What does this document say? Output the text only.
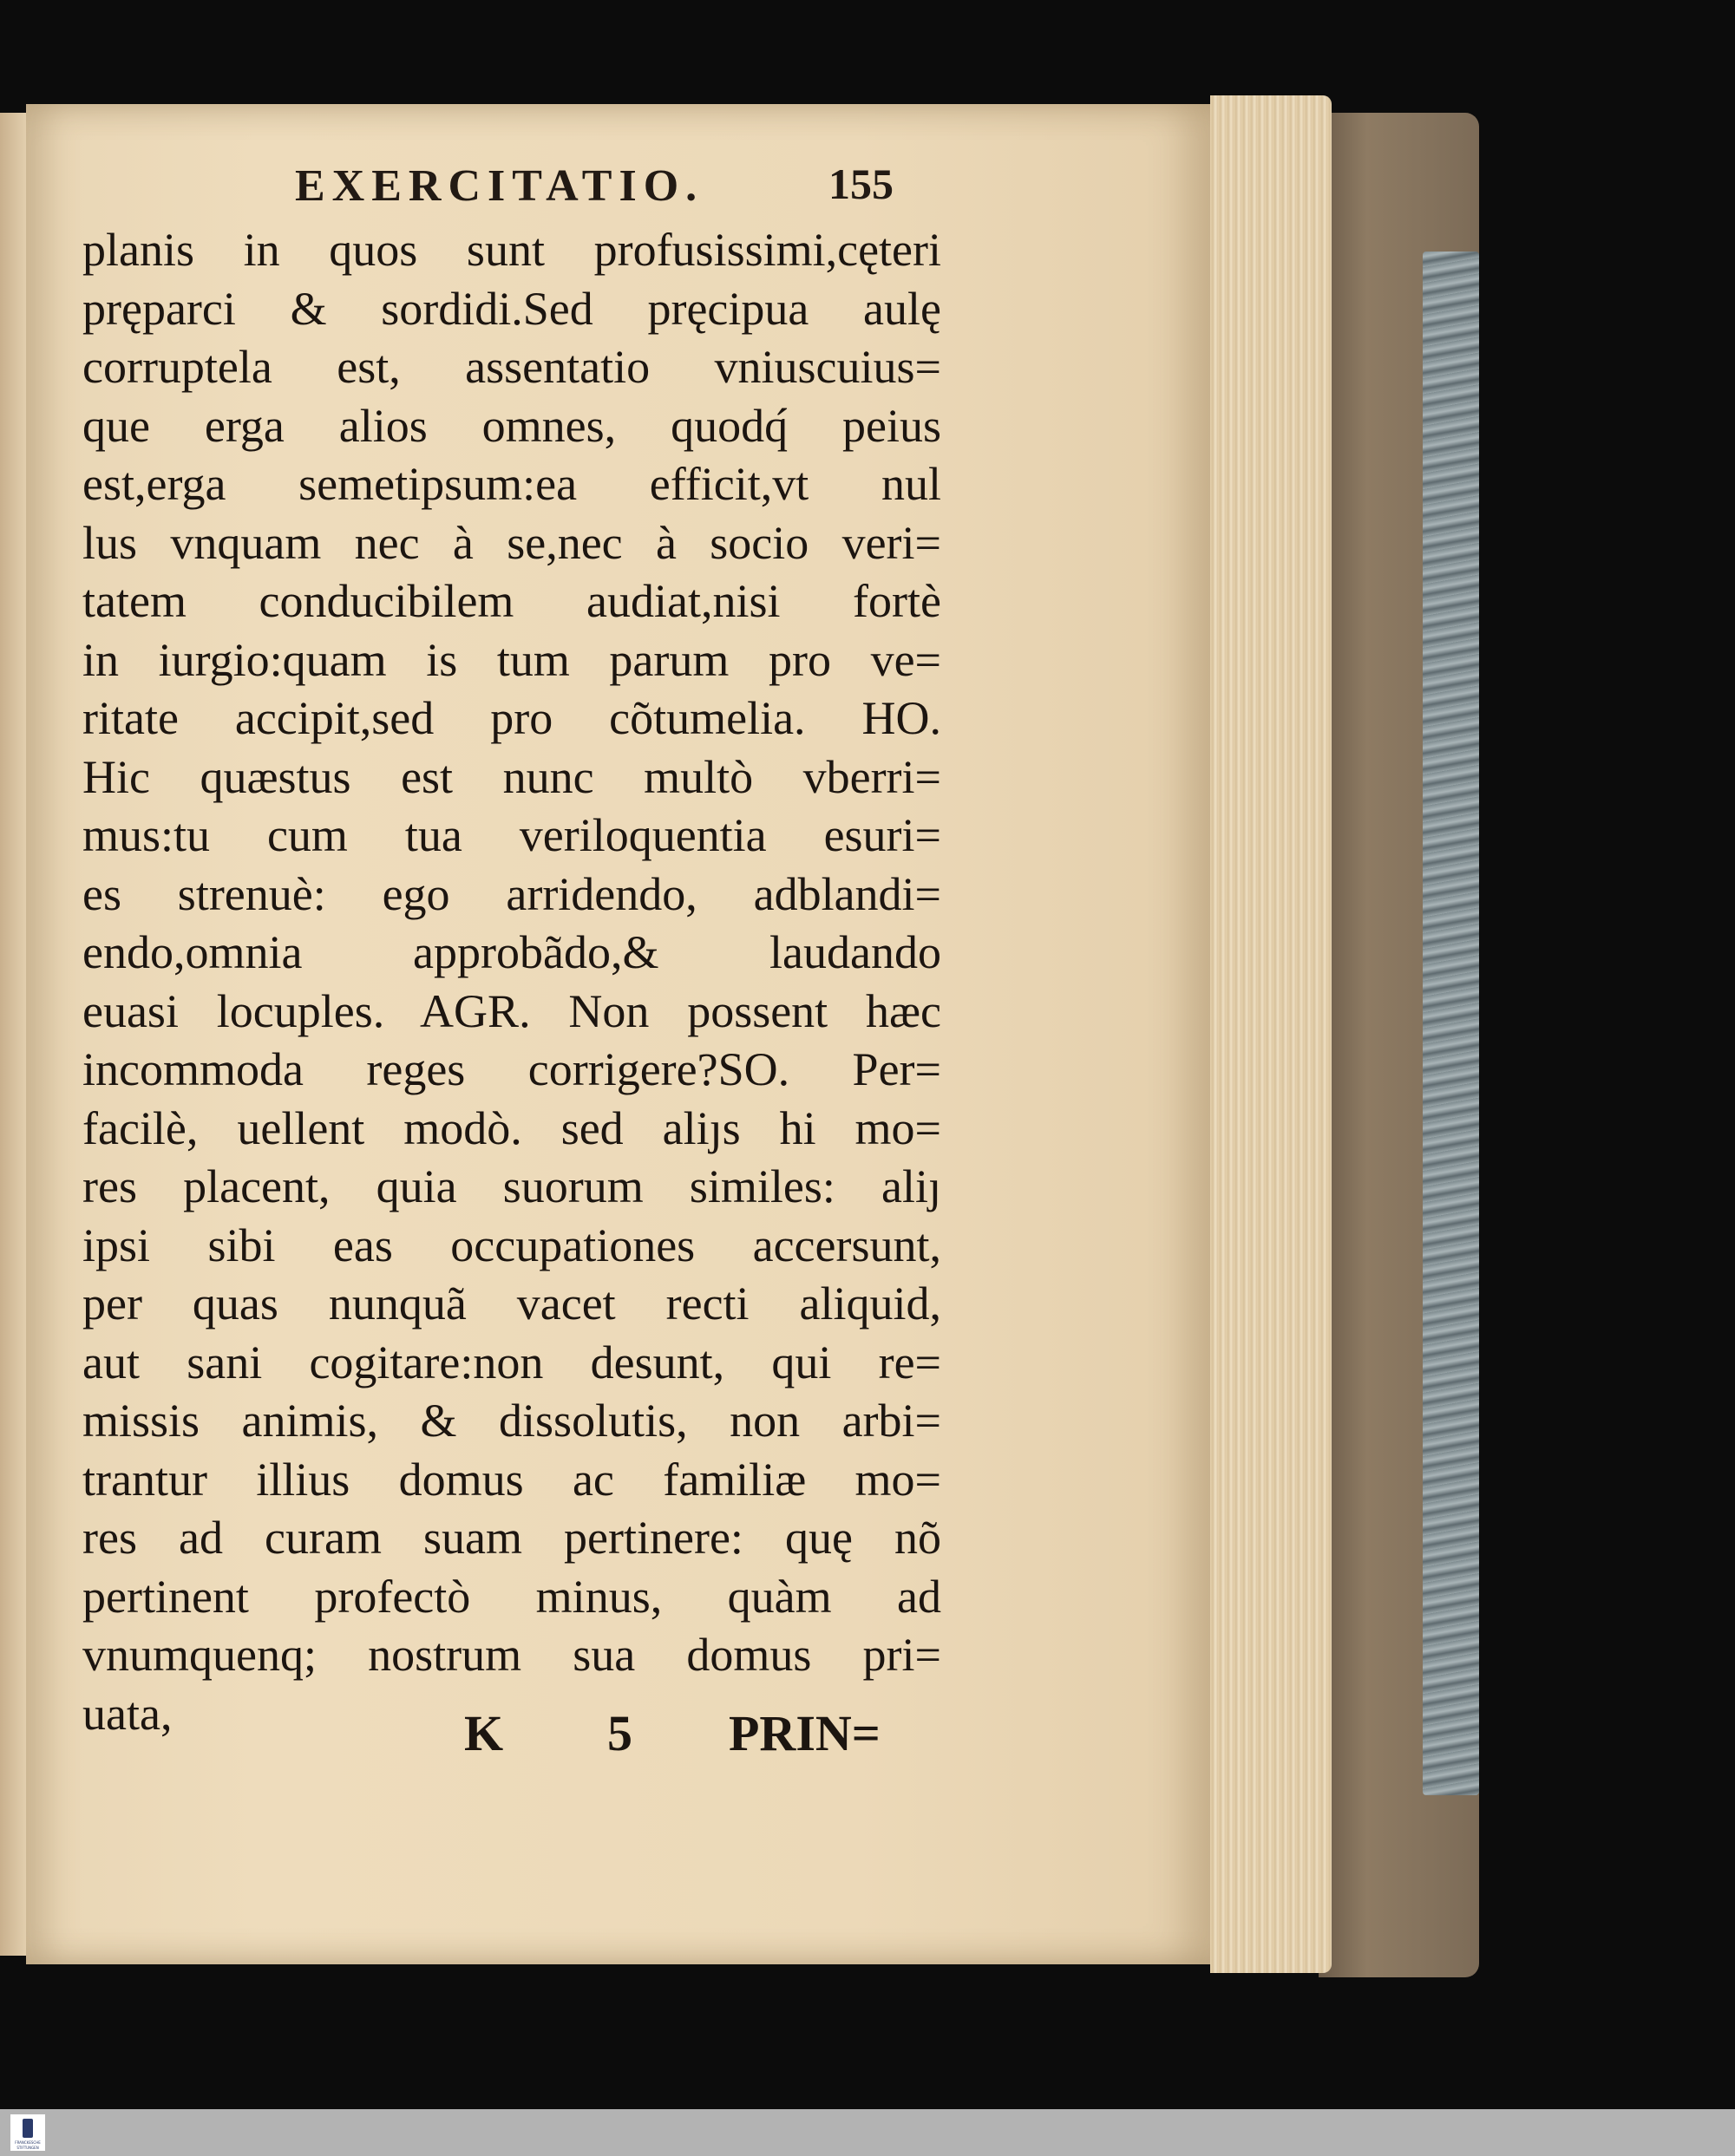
EXERCITATIO.	155
planis in quos sunt profusissimi,cęteri
pręparci & sordidi.Sed pręcipua aulę
corruptela est, assentatio vniuscuius=
que erga alios omnes, quodq́ peius
est,erga semetipsum:ea efficit,vt nul
lus vnquam nec à se,nec à socio veri=
tatem conducibilem audiat,nisi fortè
in iurgio:quam is tum parum pro ve=
ritate accipit,sed pro cõtumelia. HO.
Hic quæstus est nunc multò vberri=
mus:tu cum tua veriloquentia esuri=
es strenuè: ego arridendo, adblandi=
endo,omnia approbãdo,& laudando
euasi locuples. AGR. Non possent hæc
incommoda reges corrigere?SO. Per=
facilè, uellent modò. sed aliȷs hi mo=
res placent, quia suorum similes: aliȷ
ipsi sibi eas occupationes accersunt,
per quas nunquã vacet recti aliquid,
aut sani cogitare:non desunt, qui re=
missis animis, & dissolutis, non arbi=
trantur illius domus ac familiæ mo=
res ad curam suam pertinere: quę nõ
pertinent profectò minus, quàm ad
vnumquenq; nostrum sua domus pri=
uata,	K 5 PRIN=
FRANCKESCHE STIFTUNGEN
